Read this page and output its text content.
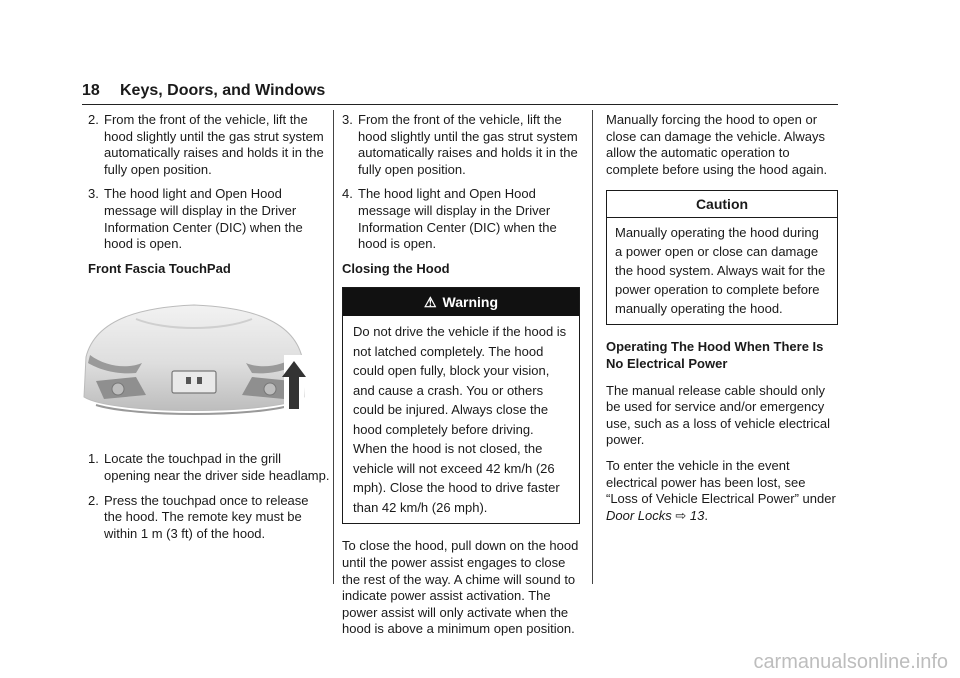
18 Keys, Doors, and Windows
2. From the front of the vehicle, lift the hood slightly until the gas strut system automatically raises and holds it in the fully open position.
3. The hood light and Open Hood message will display in the Driver Information Center (DIC) when the hood is open.
Front Fascia TouchPad
1. Locate the touchpad in the grill opening near the driver side headlamp.
2. Press the touchpad once to release the hood. The remote key must be within 1 m (3 ft) of the hood.
3. From the front of the vehicle, lift the hood slightly until the gas strut system automatically raises and holds it in the fully open position.
4. The hood light and Open Hood message will display in the Driver Information Center (DIC) when the hood is open.
Closing the Hood
⚠ Warning
Do not drive the vehicle if the hood is not latched completely. The hood could open fully, block your vision, and cause a crash. You or others could be injured. Always close the hood completely before driving. When the hood is not closed, the vehicle will not exceed 42 km/h (26 mph). Close the hood to drive faster than 42 km/h (26 mph).

To close the hood, pull down on the hood until the power assist engages to close the rest of the way. A chime will sound to indicate power assist activation. The power assist will only activate when the hood is above a minimum open position.

Manually forcing the hood to open or close can damage the vehicle. Always allow the automatic operation to complete before using the hood again.

Caution
Manually operating the hood during a power open or close can damage the hood system. Always wait for the power operation to complete before manually operating the hood.
Operating The Hood When There Is No Electrical Power

The manual release cable should only be used for service and/or emergency use, such as a loss of vehicle electrical power.

To enter the vehicle in the event electrical power has been lost, see “Loss of Vehicle Electrical Power” under Door Locks ⇨ 13.

carmanualsonline.info
